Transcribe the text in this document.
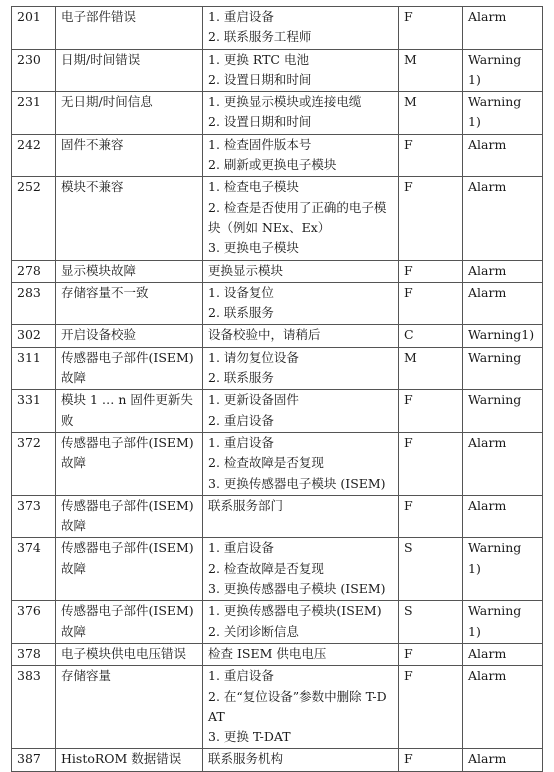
201	电子部件错误	1. 重启设备
2. 联系服务工程师	F	Alarm
230	日期/时间错误	1. 更换 RTC 电池
2. 设置日期和时间	M	Warning 1)
231	无日期/时间信息	1. 更换显示模块或连接电缆
2. 设置日期和时间	M	Warning 1)
242	固件不兼容	1. 检查固件版本号
2. 刷新或更换电子模块	F	Alarm
252	模块不兼容	1. 检查电子模块
2. 检查是否使用了正确的电子模块（例如 NEx、Ex）
3. 更换电子模块	F	Alarm
278	显示模块故障	更换显示模块	F	Alarm
283	存储容量不一致	1. 设备复位
2. 联系服务	F	Alarm
302	开启设备校验	设备校验中，请稍后	C	Warning1)
311	传感器电子部件(ISEM)故障	1. 请勿复位设备
2. 联系服务	M	Warning
331	模块 1 … n 固件更新失败	1. 更新设备固件
2. 重启设备	F	Warning
372	传感器电子部件(ISEM)故障	1. 重启设备
2. 检查故障是否复现
3. 更换传感器电子模块 (ISEM)	F	Alarm
373	传感器电子部件(ISEM)故障	联系服务部门	F	Alarm
374	传感器电子部件(ISEM)故障	1. 重启设备
2. 检查故障是否复现
3. 更换传感器电子模块 (ISEM)	S	Warning 1)
376	传感器电子部件(ISEM)故障	1. 更换传感器电子模块(ISEM)
2. 关闭诊断信息	S	Warning 1)
378	电子模块供电电压错误	检查 ISEM 供电电压	F	Alarm
383	存储容量	1. 重启设备
2. 在“复位设备”参数中删除 T-DAT
3. 更换 T-DAT	F	Alarm
387	HistoROM 数据错误	联系服务机构	F	Alarm
